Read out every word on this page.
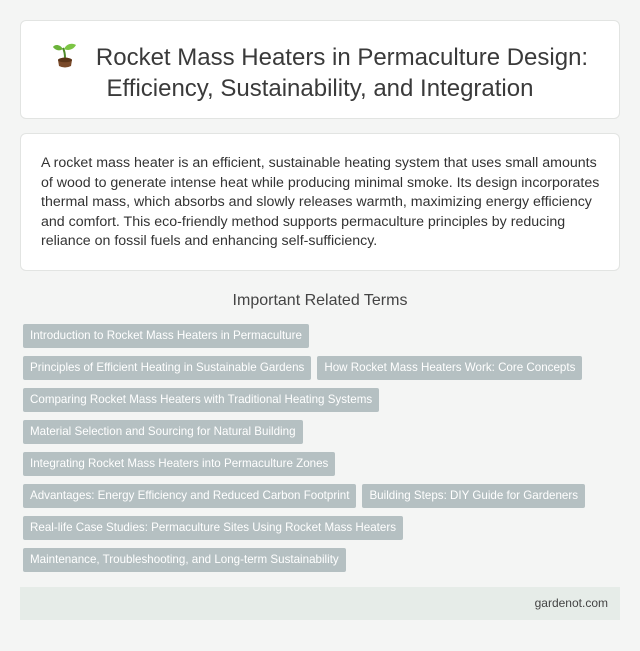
Rocket Mass Heaters in Permaculture Design:
Efficiency, Sustainability, and Integration

A rocket mass heater is an efficient, sustainable heating system that uses small amounts of wood to generate intense heat while producing minimal smoke. Its design incorporates thermal mass, which absorbs and slowly releases warmth, maximizing energy efficiency and comfort. This eco-friendly method supports permaculture principles by reducing reliance on fossil fuels and enhancing self-sufficiency.

Important Related Terms
Introduction to Rocket Mass Heaters in Permaculture
Principles of Efficient Heating in Sustainable Gardens How Rocket Mass Heaters Work: Core Concepts
Comparing Rocket Mass Heaters with Traditional Heating Systems
Material Selection and Sourcing for Natural Building
Integrating Rocket Mass Heaters into Permaculture Zones
Advantages: Energy Efficiency and Reduced Carbon Footprint Building Steps: DIY Guide for Gardeners
Real-life Case Studies: Permaculture Sites Using Rocket Mass Heaters
Maintenance, Troubleshooting, and Long-term Sustainability
gardenot.com
